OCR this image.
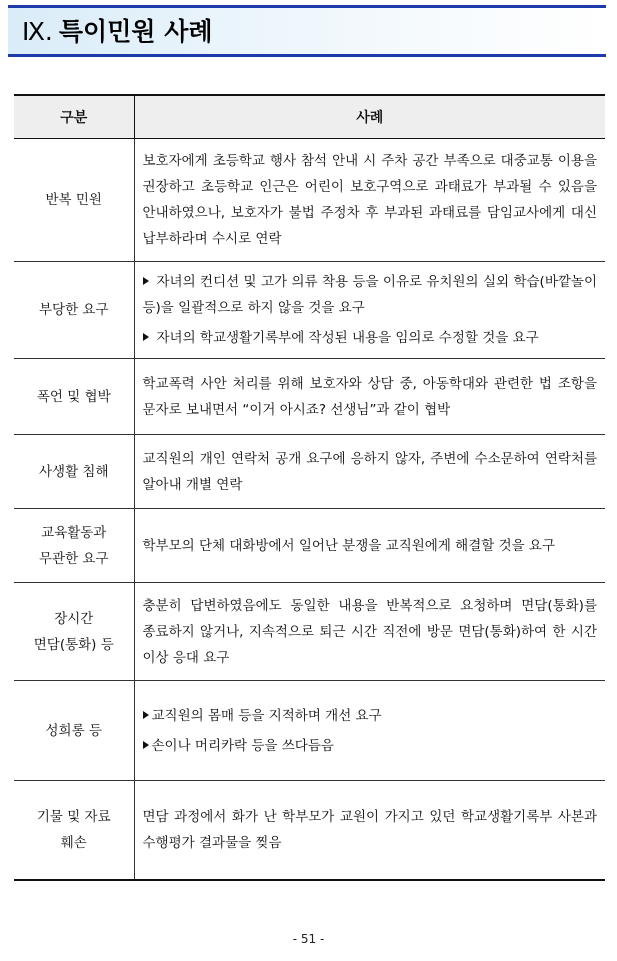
Ⅸ. 특이민원 사례
구분	사례
반복 민원	보호자에게 초등학교 행사 참석 안내 시 주차 공간 부족으로 대중교통 이용을 권장하고 초등학교 인근은 어린이 보호구역으로 과태료가 부과될 수 있음을 안내하였으나, 보호자가 불법 주정차 후 부과된 과태료를 담임교사에게 대신 납부하라며 수시로 연락
부당한 요구	자녀의 컨디션 및 고가 의류 착용 등을 이유로 유치원의 실외 학습(바깥놀이 등)을 일괄적으로 하지 않을 것을 요구
자녀의 학교생활기록부에 작성된 내용을 임의로 수정할 것을 요구

폭언 및 협박	학교폭력 사안 처리를 위해 보호자와 상담 중, 아동학대와 관련한 법 조항을 문자로 보내면서 “이거 아시죠? 선생님”과 같이 협박
사생활 침해	교직원의 개인 연락처 공개 요구에 응하지 않자, 주변에 수소문하여 연락처를 알아내 개별 연락

교육활동과
무관한 요구	학부모의 단체 대화방에서 일어난 분쟁을 교직원에게 해결할 것을 요구

장시간
면담(통화) 등	충분히 답변하였음에도 동일한 내용을 반복적으로 요청하며 면담(통화)를 종료하지 않거나, 지속적으로 퇴근 시간 직전에 방문 면담(통화)하여 한 시간 이상 응대 요구
성희롱 등	교직원의 몸매 등을 지적하며 개선 요구
손이나 머리카락 등을 쓰다듬음

기물 및 자료
훼손	면담 과정에서 화가 난 학부모가 교원이 가지고 있던 학교생활기록부 사본과 수행평가 결과물을 찢음
- 51 -
